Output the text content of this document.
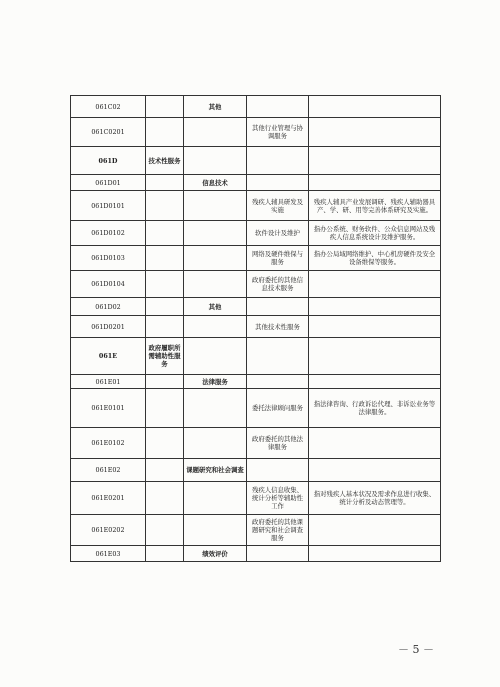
061C02		其他		
061C0201			其他行业管理与协调服务	
061D	技术性服务			
061D01		信息技术		
061D0101			残疾人辅具研发及实施	残疾人辅具产业发展调研、残疾人辅助器具产、学、研、用等完善体系研究及实施。
061D0102			软件设计及维护	指办公系统、财务软件、公众信息网站及残疾人信息系统设计及维护服务。
061D0103			网络及硬件维保与服务	指办公局域网络维护、中心机房硬件及安全设备维保等服务。
061D0104			政府委托的其他信息技术服务	
061D02		其他		
061D0201			其他技术性服务	
061E	政府履职所需辅助性服务			
061E01		法律服务		
061E0101			委托法律顾问服务	指法律咨询、行政诉讼代理、非诉讼业务等法律服务。
061E0102			政府委托的其他法律服务	
061E02		课题研究和社会调查		
061E0201			残疾人信息收集、统计分析等辅助性工作	指对残疾人基本状况及需求作息进行收集、统计分析及动态管理等。
061E0202			政府委托的其他课题研究和社会调查服务	
061E03		绩效评价		
－ 5 －
